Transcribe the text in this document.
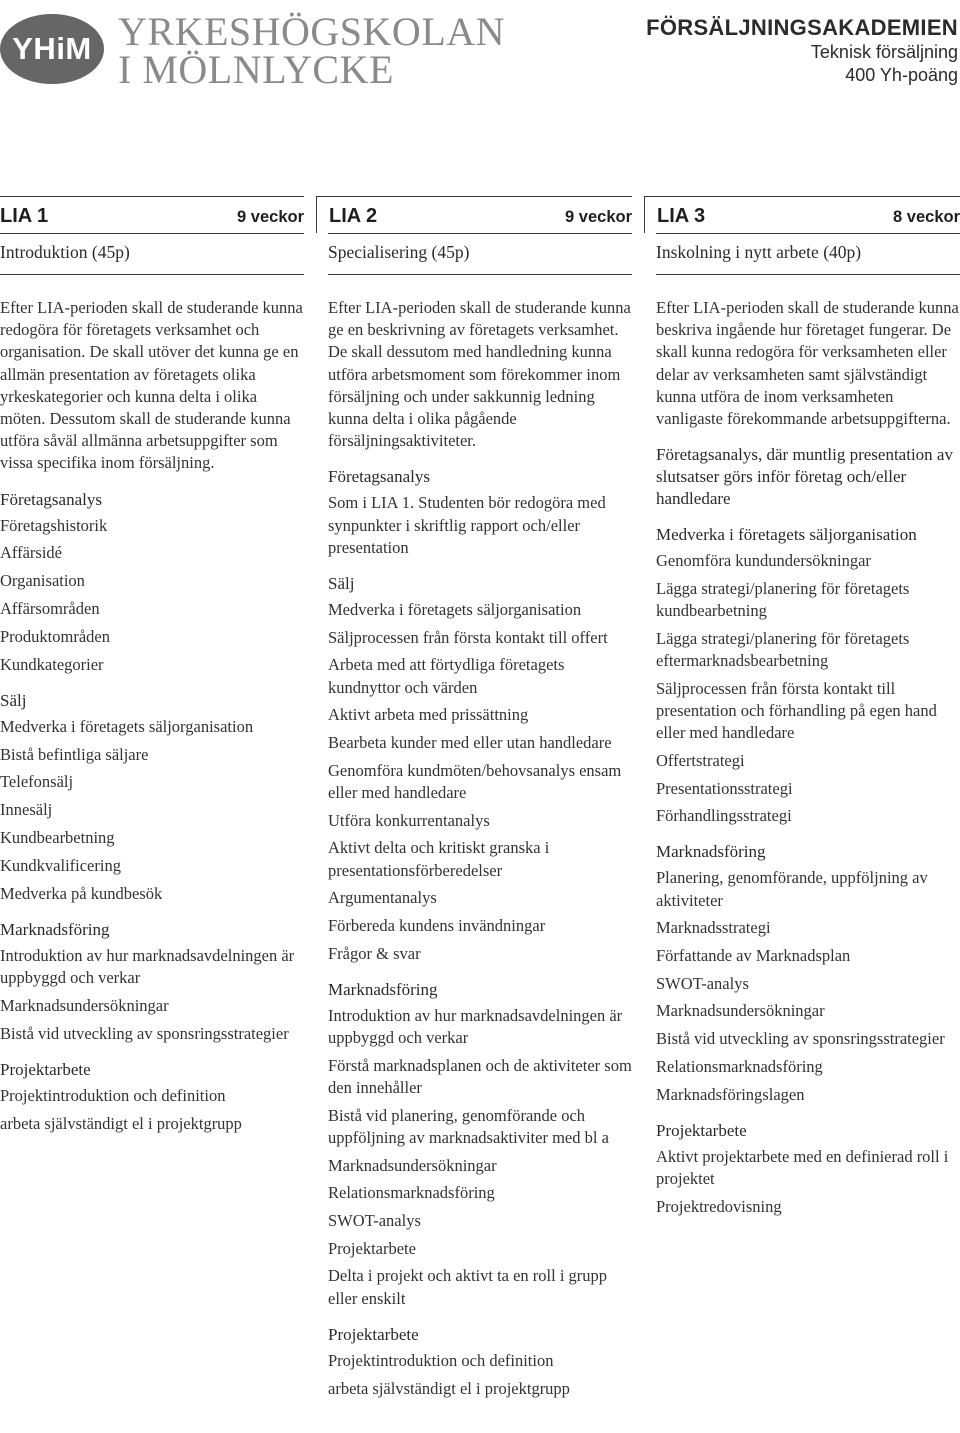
YHiM YRKESHÖGSKOLAN
I MÖLNLYCKE
FÖRSÄLJNINGSAKADEMIEN
Teknisk försäljning
400 Yh-poäng
LIA 1	9 veckor
Introduktion (45p)

Efter LIA-perioden skall de studerande kunna redogöra för företagets verksamhet och organisation. De skall utöver det kunna ge en allmän presentation av företagets olika yrkeskategorier och kunna delta i olika möten. Dessutom skall de studerande kunna utföra såväl allmänna arbetsuppgifter som vissa specifika inom försäljning.

Företagsanalys
Företagshistorik
Affärsidé
Organisation
Affärsområden
Produktområden
Kundkategorier
Sälj
Medverka i företagets säljorganisation
Bistå befintliga säljare
Telefonsälj
Innesälj
Kundbearbetning
Kundkvalificering
Medverka på kundbesök
Marknadsföring
Introduktion av hur marknadsavdelningen är uppbyggd och verkar
Marknadsundersökningar
Bistå vid utveckling av sponsringsstrategier
Projektarbete
Projektintroduktion och definition
arbeta självständigt el i projektgrupp
LIA 2	9 veckor
Specialisering (45p)

Efter LIA-perioden skall de studerande kunna ge en beskrivning av företagets verksamhet. De skall dessutom med handledning kunna utföra arbetsmoment som förekommer inom försäljning och under sakkunnig ledning kunna delta i olika pågående försäljningsaktiviteter.

Företagsanalys
Som i LIA 1. Studenten bör redogöra med synpunkter i skriftlig rapport och/eller presentation
Sälj
Medverka i företagets säljorganisation
Säljprocessen från första kontakt till offert
Arbeta med att förtydliga företagets kundnyttor och värden
Aktivt arbeta med prissättning
Bearbeta kunder med eller utan handledare
Genomföra kundmöten/behovsanalys ensam eller med handledare
Utföra konkurrentanalys
Aktivt delta och kritiskt granska i presentationsförberedelser
Argumentanalys
Förbereda kundens invändningar
Frågor & svar
Marknadsföring
Introduktion av hur marknadsavdelningen är uppbyggd och verkar
Förstå marknadsplanen och de aktiviteter som den innehåller
Bistå vid planering, genomförande och uppföljning av marknadsaktiviter med bl a
Marknadsundersökningar
Relationsmarknadsföring
SWOT-analys
Projektarbete
Delta i projekt och aktivt ta en roll i grupp eller enskilt
Projektarbete
Projektintroduktion och definition
arbeta självständigt el i projektgrupp
LIA 3	8 veckor
Inskolning i nytt arbete (40p)

Efter LIA-perioden skall de studerande kunna beskriva ingående hur företaget fungerar. De skall kunna redogöra för verksamheten eller delar av verksamheten samt självständigt kunna utföra de inom verksamheten vanligaste förekommande arbetsuppgifterna.

Företagsanalys, där muntlig presentation av slutsatser görs inför företag och/eller handledare
Medverka i företagets säljorganisation
Genomföra kundundersökningar
Lägga strategi/planering för företagets kundbearbetning
Lägga strategi/planering för företagets eftermarknadsbearbetning
Säljprocessen från första kontakt till presentation och förhandling på egen hand eller med handledare
Offertstrategi
Presentationsstrategi
Förhandlingsstrategi
Marknadsföring
Planering, genomförande, uppföljning av aktiviteter
Marknadsstrategi
Författande av Marknadsplan
SWOT-analys
Marknadsundersökningar
Bistå vid utveckling av sponsringsstrategier
Relationsmarknadsföring
Marknadsföringslagen
Projektarbete
Aktivt projektarbete med en definierad roll i projektet
Projektredovisning
